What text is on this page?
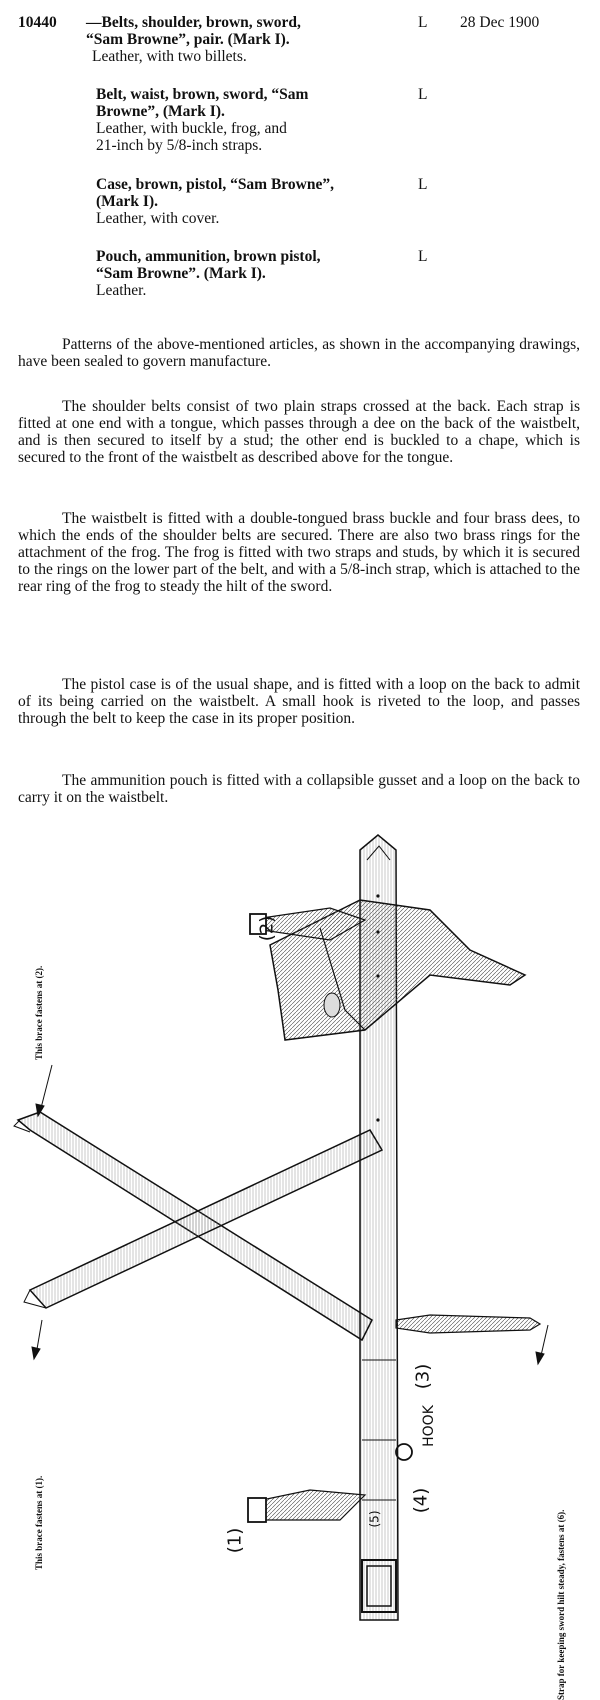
10440 —Belts, shoulder, brown, sword,
“Sam Browne”, pair. (Mark I).
Leather, with two billets.
L 28 Dec 1900
Belt, waist, brown, sword, “Sam
Browne”, (Mark I).
Leather, with buckle, frog, and
21-inch by 5/8-inch straps.
L
Case, brown, pistol, “Sam Browne”,
(Mark I).
Leather, with cover.
L
Pouch, ammunition, brown pistol,
“Sam Browne”. (Mark I).
Leather.
L

Patterns of the above-mentioned articles, as shown in the accompanying drawings, have been sealed to govern manufacture.

The shoulder belts consist of two plain straps crossed at the back. Each strap is fitted at one end with a tongue, which passes through a dee on the back of the waistbelt, and is then secured to itself by a stud; the other end is buckled to a chape, which is secured to the front of the waistbelt as described above for the tongue.

The waistbelt is fitted with a double-tongued brass buckle and four brass dees, to which the ends of the shoulder belts are secured. There are also two brass rings for the attachment of the frog. The frog is fitted with two straps and studs, by which it is secured to the rings on the lower part of the belt, and with a 5/8-inch strap, which is attached to the rear ring of the frog to steady the hilt of the sword.

The pistol case is of the usual shape, and is fitted with a loop on the back to admit of its being carried on the waistbelt. A small hook is riveted to the loop, and passes through the belt to keep the case in its proper position.

The ammunition pouch is fitted with a collapsible gusset and a loop on the back to carry it on the waistbelt.

This brace fastens at (2).
This brace fastens at (1).	Strap for keeping sword hilt steady, fastens at (6).
(2)
HOOK
(3)
(4)
(5)
(1)
